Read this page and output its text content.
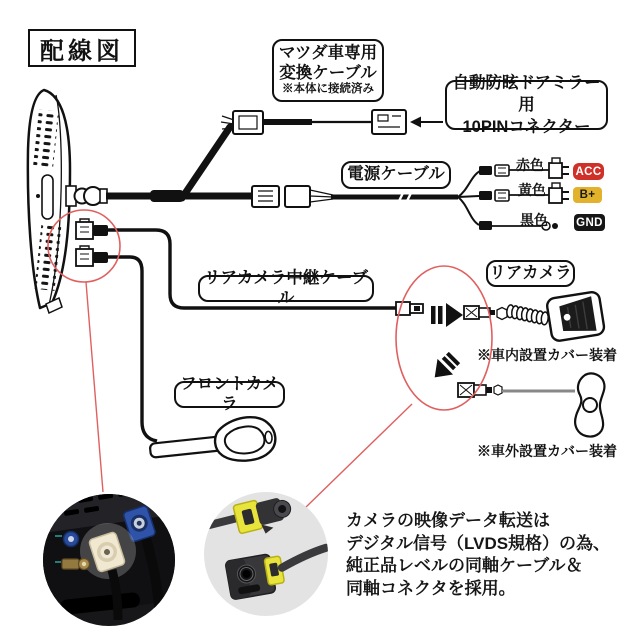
配線図	マツダ車専用
変換ケーブル
※本体に接続済み	自動防眩ドアミラー用
10PINコネクター
電源ケーブル
リアカメラ中継ケーブル
リアカメラ
フロントカメラ
赤色
黄色
黒色
ACC
B+
GND
※車内設置カバー装着
※車外設置カバー装着
カメラの映像データ転送は
デジタル信号（LVDS規格）の為、
純正品レベルの同軸ケーブル＆
同軸コネクタを採用。
